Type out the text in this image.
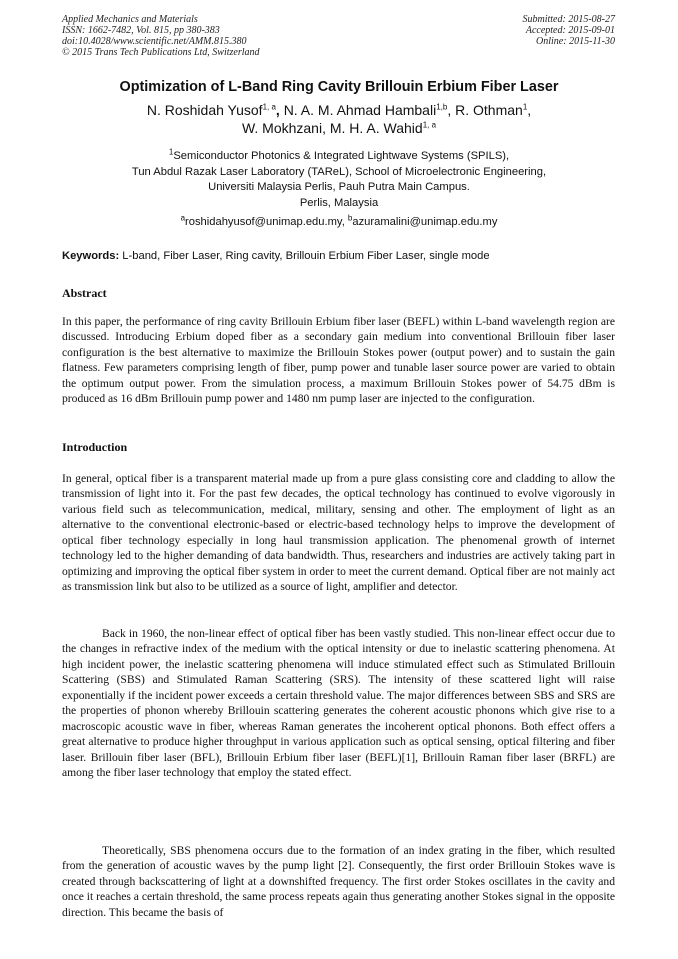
Applied Mechanics and Materials
ISSN: 1662-7482, Vol. 815, pp 380-383
doi:10.4028/www.scientific.net/AMM.815.380
© 2015 Trans Tech Publications Ltd, Switzerland
Submitted: 2015-08-27
Accepted: 2015-09-01
Online: 2015-11-30
Optimization of L-Band Ring Cavity Brillouin Erbium Fiber Laser
N. Roshidah Yusof$^{1, a}$, N. A. M. Ahmad Hambali$^{1,b}$, R. Othman$^1$,
W. Mokhzani, M. H. A. Wahid$^{1, a}$
$^1$Semiconductor Photonics & Integrated Lightwave Systems (SPILS),
Tun Abdul Razak Laser Laboratory (TAReL), School of Microelectronic Engineering,
Universiti Malaysia Perlis, Pauh Putra Main Campus.
Perlis, Malaysia
$^a$roshidahyusof@unimap.edu.my, $^b$azuramalini@unimap.edu.my
Keywords: L-band, Fiber Laser, Ring cavity, Brillouin Erbium Fiber Laser, single mode
Abstract

In this paper, the performance of ring cavity Brillouin Erbium fiber laser (BEFL) within L-band wavelength region are discussed. Introducing Erbium doped fiber as a secondary gain medium into conventional Brillouin fiber laser configuration is the best alternative to maximize the Brillouin Stokes power (output power) and to sustain the gain flatness. Few parameters comprising length of fiber, pump power and tunable laser source power are varied to obtain the optimum output power. From the simulation process, a maximum Brillouin Stokes power of 54.75 dBm is produced as 16 dBm Brillouin pump power and 1480 nm pump laser are injected to the configuration.

Introduction

In general, optical fiber is a transparent material made up from a pure glass consisting core and cladding to allow the transmission of light into it. For the past few decades, the optical technology has continued to evolve vigorously in various field such as telecommunication, medical, military, sensing and other. The employment of light as an alternative to the conventional electronic-based or electric-based technology helps to improve the development of optical fiber technology especially in long haul transmission application. The phenomenal growth of internet technology led to the higher demanding of data bandwidth. Thus, researchers and industries are actively taking part in optimizing and improving the optical fiber system in order to meet the current demand. Optical fiber are not mainly act as transmission link but also to be utilized as a source of light, amplifier and detector.

Back in 1960, the non-linear effect of optical fiber has been vastly studied. This non-linear effect occur due to the changes in refractive index of the medium with the optical intensity or due to inelastic scattering phenomena. At high incident power, the inelastic scattering phenomena will induce stimulated effect such as Stimulated Brillouin Scattering (SBS) and Stimulated Raman Scattering (SRS). The intensity of these scattered light will raise exponentially if the incident power exceeds a certain threshold value. The major differences between SBS and SRS are the properties of phonon whereby Brillouin scattering generates the coherent acoustic phonons which give rise to a macroscopic acoustic wave in fiber, whereas Raman generates the incoherent optical phonons. Both effect offers a great alternative to produce higher throughput in various application such as optical sensing, optical filtering and fiber laser. Brillouin fiber laser (BFL), Brillouin Erbium fiber laser (BEFL)[1], Brillouin Raman fiber laser (BRFL) are among the fiber laser technology that employ the stated effect.

Theoretically, SBS phenomena occurs due to the formation of an index grating in the fiber, which resulted from the generation of acoustic waves by the pump light [2]. Consequently, the first order Brillouin Stokes wave is created through backscattering of light at a downshifted frequency. The first order Stokes oscillates in the cavity and once it reaches a certain threshold, the same process repeats again thus generating another Stokes signal in the opposite direction. This became the basis of
